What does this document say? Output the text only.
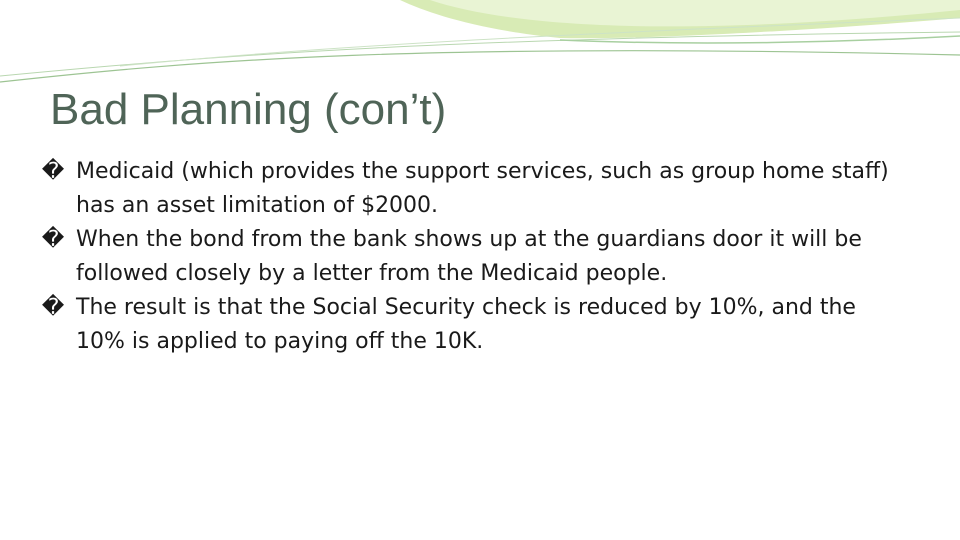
Bad Planning (con’t)
� Medicaid (which provides the support services, such as group home staff) has an asset limitation of $2000.
� When the bond from the bank shows up at the guardians door it will be followed closely by a letter from the Medicaid people.
� The result is that the Social Security check is reduced by 10%, and the 10% is applied to paying off the 10K.
